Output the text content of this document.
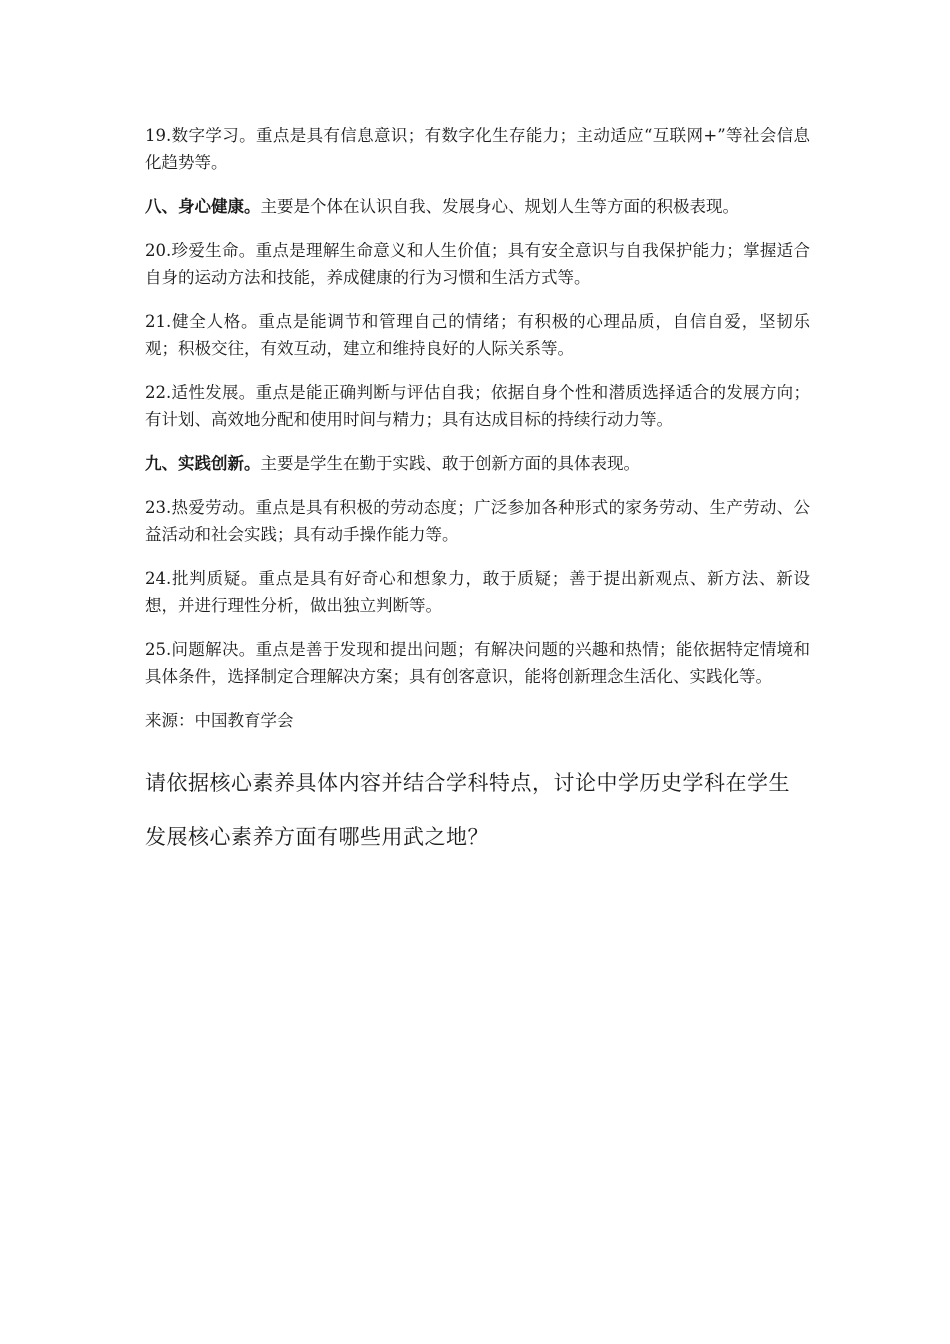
19.数字学习。重点是具有信息意识；有数字化生存能力；主动适应“互联网+”等社会信息化趋势等。

八、身心健康。主要是个体在认识自我、发展身心、规划人生等方面的积极表现。

20.珍爱生命。重点是理解生命意义和人生价值；具有安全意识与自我保护能力；掌握适合自身的运动方法和技能，养成健康的行为习惯和生活方式等。

21.健全人格。重点是能调节和管理自己的情绪；有积极的心理品质，自信自爱，坚韧乐观；积极交往，有效互动，建立和维持良好的人际关系等。

22.适性发展。重点是能正确判断与评估自我；依据自身个性和潜质选择适合的发展方向；有计划、高效地分配和使用时间与精力；具有达成目标的持续行动力等。

九、实践创新。主要是学生在勤于实践、敢于创新方面的具体表现。

23.热爱劳动。重点是具有积极的劳动态度；广泛参加各种形式的家务劳动、生产劳动、公益活动和社会实践；具有动手操作能力等。

24.批判质疑。重点是具有好奇心和想象力，敢于质疑；善于提出新观点、新方法、新设想，并进行理性分析，做出独立判断等。

25.问题解决。重点是善于发现和提出问题；有解决问题的兴趣和热情；能依据特定情境和具体条件，选择制定合理解决方案；具有创客意识，能将创新理念生活化、实践化等。

来源：中国教育学会

请依据核心素养具体内容并结合学科特点，讨论中学历史学科在学生发展核心素养方面有哪些用武之地？
